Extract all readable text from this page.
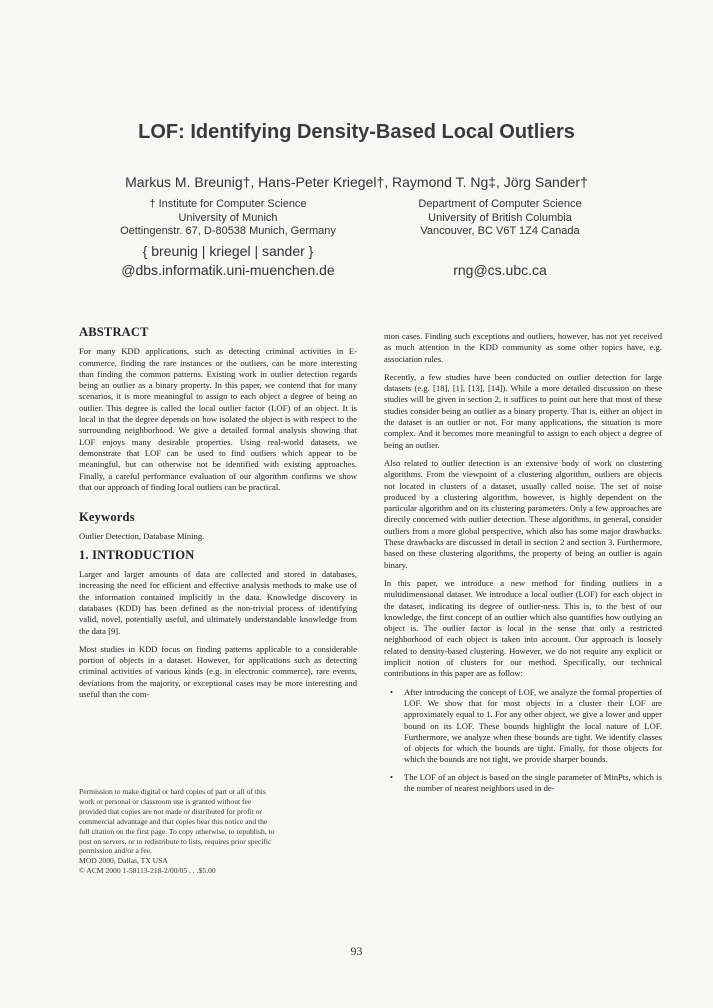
LOF: Identifying Density-Based Local Outliers
Markus M. Breunig†, Hans-Peter Kriegel†, Raymond T. Ng‡, Jörg Sander†
† Institute for Computer Science
University of Munich
Oettingenstr. 67, D-80538 Munich, Germany
{ breunig | kriegel | sander }
@dbs.informatik.uni-muenchen.de
Department of Computer Science
University of British Columbia
Vancouver, BC V6T 1Z4 Canada
rng@cs.ubc.ca
ABSTRACT

For many KDD applications, such as detecting criminal activities in E-commerce, finding the rare instances or the outliers, can be more interesting than finding the common patterns. Existing work in outlier detection regards being an outlier as a binary property. In this paper, we contend that for many scenarios, it is more meaningful to assign to each object a degree of being an outlier. This degree is called the local outlier factor (LOF) of an object. It is local in that the degree depends on how isolated the object is with respect to the surrounding neighborhood. We give a detailed formal analysis showing that LOF enjoys many desirable properties. Using real-world datasets, we demonstrate that LOF can be used to find outliers which appear to be meaningful, but can otherwise not be identified with existing approaches. Finally, a careful performance evaluation of our algorithm confirms we show that our approach of finding local outliers can be practical.

Keywords

Outlier Detection, Database Mining.

1. INTRODUCTION

Larger and larger amounts of data are collected and stored in databases, increasing the need for efficient and effective analysis methods to make use of the information contained implicitly in the data. Knowledge discovery in databases (KDD) has been defined as the non-trivial process of identifying valid, novel, potentially useful, and ultimately understandable knowledge from the data [9].

Most studies in KDD focus on finding patterns applicable to a considerable portion of objects in a dataset. However, for applications such as detecting criminal activities of various kinds (e.g. in electronic commerce), rare events, deviations from the majority, or exceptional cases may be more interesting and useful than the com-

Permission to make digital or hard copies of part or all of this
work or personal or classroom use is granted without fee
provided that copies are not made or distributed for profit or
commercial advantage and that copies bear this notice and the
full citation on the first page. To copy otherwise, to republish, to
post on servers, or to redistribute to lists, requires prior specific
permission and/or a fee.
MOD 2000, Dallas, TX USA
© ACM 2000 1-58113-218-2/00/05 . . .$5.00

mon cases. Finding such exceptions and outliers, however, has not yet received as much attention in the KDD community as some other topics have, e.g. association rules.

Recently, a few studies have been conducted on outlier detection for large datasets (e.g. [18], [1], [13], [14]). While a more detailed discussion on these studies will be given in section 2, it suffices to point out here that most of these studies consider being an outlier as a binary property. That is, either an object in the dataset is an outlier or not. For many applications, the situation is more complex. And it becomes more meaningful to assign to each object a degree of being an outlier.

Also related to outlier detection is an extensive body of work on clustering algorithms. From the viewpoint of a clustering algorithm, outliers are objects not located in clusters of a dataset, usually called noise. The set of noise produced by a clustering algorithm, however, is highly dependent on the particular algorithm and on its clustering parameters. Only a few approaches are directly concerned with outlier detection. These algorithms, in general, consider outliers from a more global perspective, which also has some major drawbacks. These drawbacks are discussed in detail in section 2 and section 3. Furthermore, based on these clustering algorithms, the property of being an outlier is again binary.

In this paper, we introduce a new method for finding outliers in a multidimensional dataset. We introduce a local outlier (LOF) for each object in the dataset, indicating its degree of outlier-ness. This is, to the best of our knowledge, the first concept of an outlier which also quantifies how outlying an object is. The outlier factor is local in the sense that only a restricted neighborhood of each object is taken into account. Our approach is loosely related to density-based clustering. However, we do not require any explicit or implicit notion of clusters for our method. Specifically, our technical contributions in this paper are as follow:

• After introducing the concept of LOF, we analyze the formal properties of LOF. We show that for most objects in a cluster their LOF are approximately equal to 1. For any other object, we give a lower and upper bound on its LOF. These bounds highlight the local nature of LOF. Furthermore, we analyze when these bounds are tight. We identify classes of objects for which the bounds are tight. Finally, for those objects for which the bounds are not tight, we provide sharper bounds.
• The LOF of an object is based on the single parameter of MinPts, which is the number of nearest neighbors used in de-
93
